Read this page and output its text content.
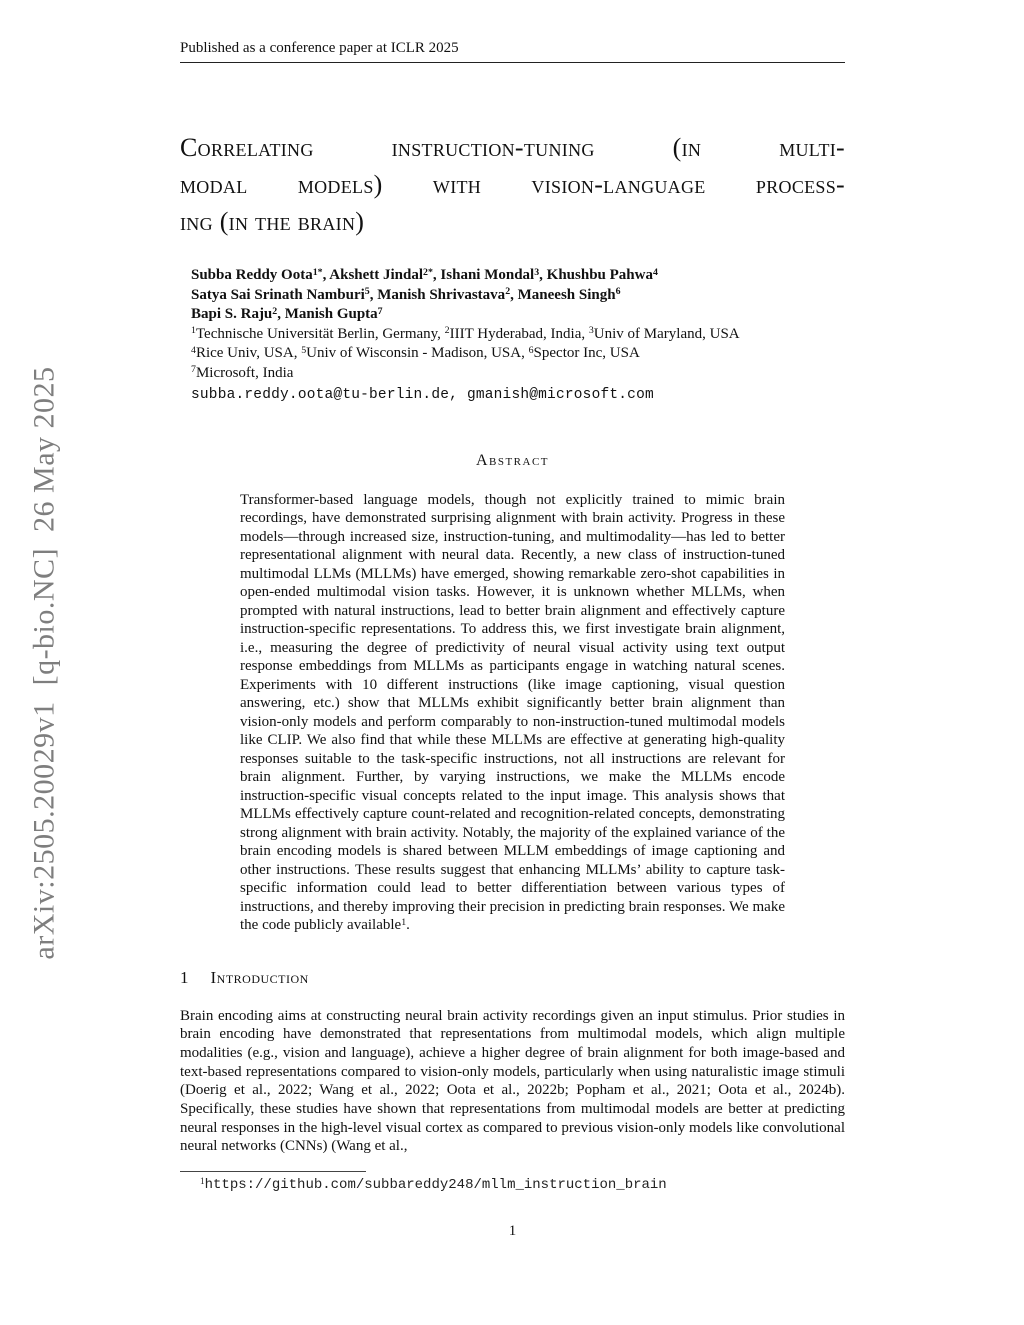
arXiv:2505.20029v1  [q-bio.NC]  26 May 2025
Published as a conference paper at ICLR 2025
Correlating instruction-tuning (in multi-
modal models) with vision-language process-
ing (in the brain)
Subba Reddy Oota$^{1*}$, Akshett Jindal$^{2*}$, Ishani Mondal$^3$, Khushbu Pahwa$^4$
Satya Sai Srinath Namburi$^5$, Manish Shrivastava$^2$, Maneesh Singh$^6$
Bapi S. Raju$^2$, Manish Gupta$^7$
$^1$Technische Universität Berlin, Germany, $^2$IIIT Hyderabad, India, $^3$Univ of Maryland, USA
$^4$Rice Univ, USA, $^5$Univ of Wisconsin - Madison, USA, $^6$Spector Inc, USA
$^7$Microsoft, India
subba.reddy.oota@tu-berlin.de, gmanish@microsoft.com
Abstract

Transformer-based language models, though not explicitly trained to mimic brain recordings, have demonstrated surprising alignment with brain activity. Progress in these models—through increased size, instruction-tuning, and multimodality—has led to better representational alignment with neural data. Recently, a new class of instruction-tuned multimodal LLMs (MLLMs) have emerged, showing remarkable zero-shot capabilities in open-ended multimodal vision tasks. However, it is unknown whether MLLMs, when prompted with natural instructions, lead to better brain alignment and effectively capture instruction-specific representations. To address this, we first investigate brain alignment, i.e., measuring the degree of predictivity of neural visual activity using text output response embeddings from MLLMs as participants engage in watching natural scenes. Experiments with 10 different instructions (like image captioning, visual question answering, etc.) show that MLLMs exhibit significantly better brain alignment than vision-only models and perform comparably to non-instruction-tuned multimodal models like CLIP. We also find that while these MLLMs are effective at generating high-quality responses suitable to the task-specific instructions, not all instructions are relevant for brain alignment. Further, by varying instructions, we make the MLLMs encode instruction-specific visual concepts related to the input image. This analysis shows that MLLMs effectively capture count-related and recognition-related concepts, demonstrating strong alignment with brain activity. Notably, the majority of the explained variance of the brain encoding models is shared between MLLM embeddings of image captioning and other instructions. These results suggest that enhancing MLLMs’ ability to capture task-specific information could lead to better differentiation between various types of instructions, and thereby improving their precision in predicting brain responses. We make the code publicly available$^1$.

1 Introduction

Brain encoding aims at constructing neural brain activity recordings given an input stimulus. Prior studies in brain encoding have demonstrated that representations from multimodal models, which align multiple modalities (e.g., vision and language), achieve a higher degree of brain alignment for both image-based and text-based representations compared to vision-only models, particularly when using naturalistic image stimuli (Doerig et al., 2022; Wang et al., 2022; Oota et al., 2022b; Popham et al., 2021; Oota et al., 2024b). Specifically, these studies have shown that representations from multimodal models are better at predicting neural responses in the high-level visual cortex as compared to previous vision-only models like convolutional neural networks (CNNs) (Wang et al.,

$^1$https://github.com/subbareddy248/mllm_instruction_brain
1
